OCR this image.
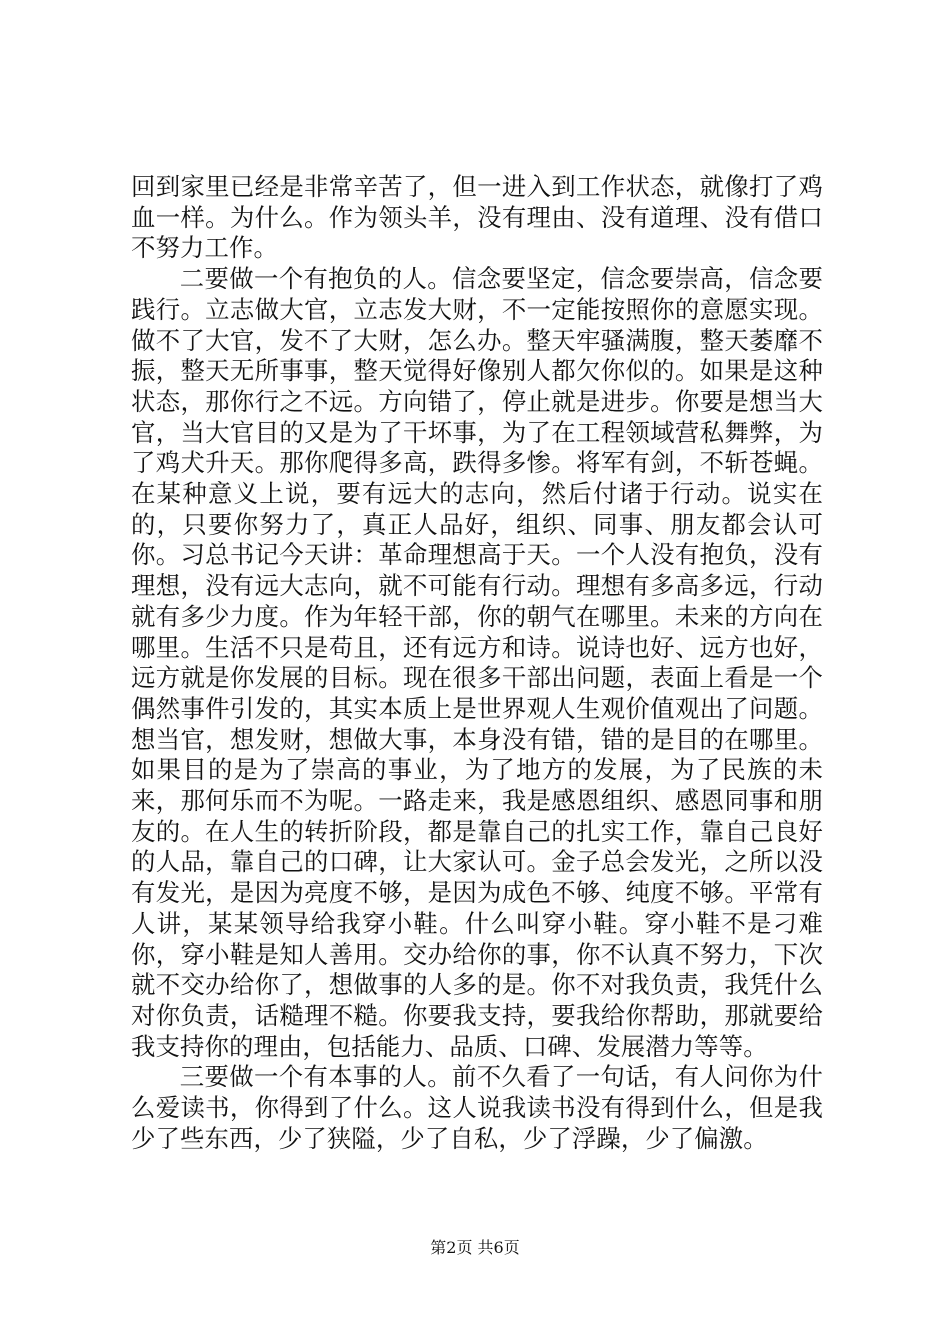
回到家里已经是非常辛苦了，但一进入到工作状态，就像打了鸡血一样。为什么。作为领头羊，没有理由、没有道理、没有借口不努力工作。

二要做一个有抱负的人。信念要坚定，信念要崇高，信念要践行。立志做大官，立志发大财，不一定能按照你的意愿实现。做不了大官，发不了大财，怎么办。整天牢骚满腹，整天萎靡不振，整天无所事事，整天觉得好像别人都欠你似的。如果是这种状态，那你行之不远。方向错了，停止就是进步。你要是想当大官，当大官目的又是为了干坏事，为了在工程领域营私舞弊，为了鸡犬升天。那你爬得多高，跌得多惨。将军有剑，不斩苍蝇。在某种意义上说，要有远大的志向，然后付诸于行动。说实在的，只要你努力了，真正人品好，组织、同事、朋友都会认可你。习总书记今天讲：革命理想高于天。一个人没有抱负，没有理想，没有远大志向，就不可能有行动。理想有多高多远，行动就有多少力度。作为年轻干部，你的朝气在哪里。未来的方向在哪里。生活不只是苟且，还有远方和诗。说诗也好、远方也好，远方就是你发展的目标。现在很多干部出问题，表面上看是一个偶然事件引发的，其实本质上是世界观人生观价值观出了问题。想当官，想发财，想做大事，本身没有错，错的是目的在哪里。如果目的是为了崇高的事业，为了地方的发展，为了民族的未来，那何乐而不为呢。一路走来，我是感恩组织、感恩同事和朋友的。在人生的转折阶段，都是靠自己的扎实工作，靠自己良好的人品，靠自己的口碑，让大家认可。金子总会发光，之所以没有发光，是因为亮度不够，是因为成色不够、纯度不够。平常有人讲，某某领导给我穿小鞋。什么叫穿小鞋。穿小鞋不是刁难你，穿小鞋是知人善用。交办给你的事，你不认真不努力，下次就不交办给你了，想做事的人多的是。你不对我负责，我凭什么对你负责，话糙理不糙。你要我支持，要我给你帮助，那就要给我支持你的理由，包括能力、品质、口碑、发展潜力等等。

三要做一个有本事的人。前不久看了一句话，有人问你为什么爱读书，你得到了什么。这人说我读书没有得到什么，但是我少了些东西，少了狭隘，少了自私，少了浮躁，少了偏激。

第2页 共6页
